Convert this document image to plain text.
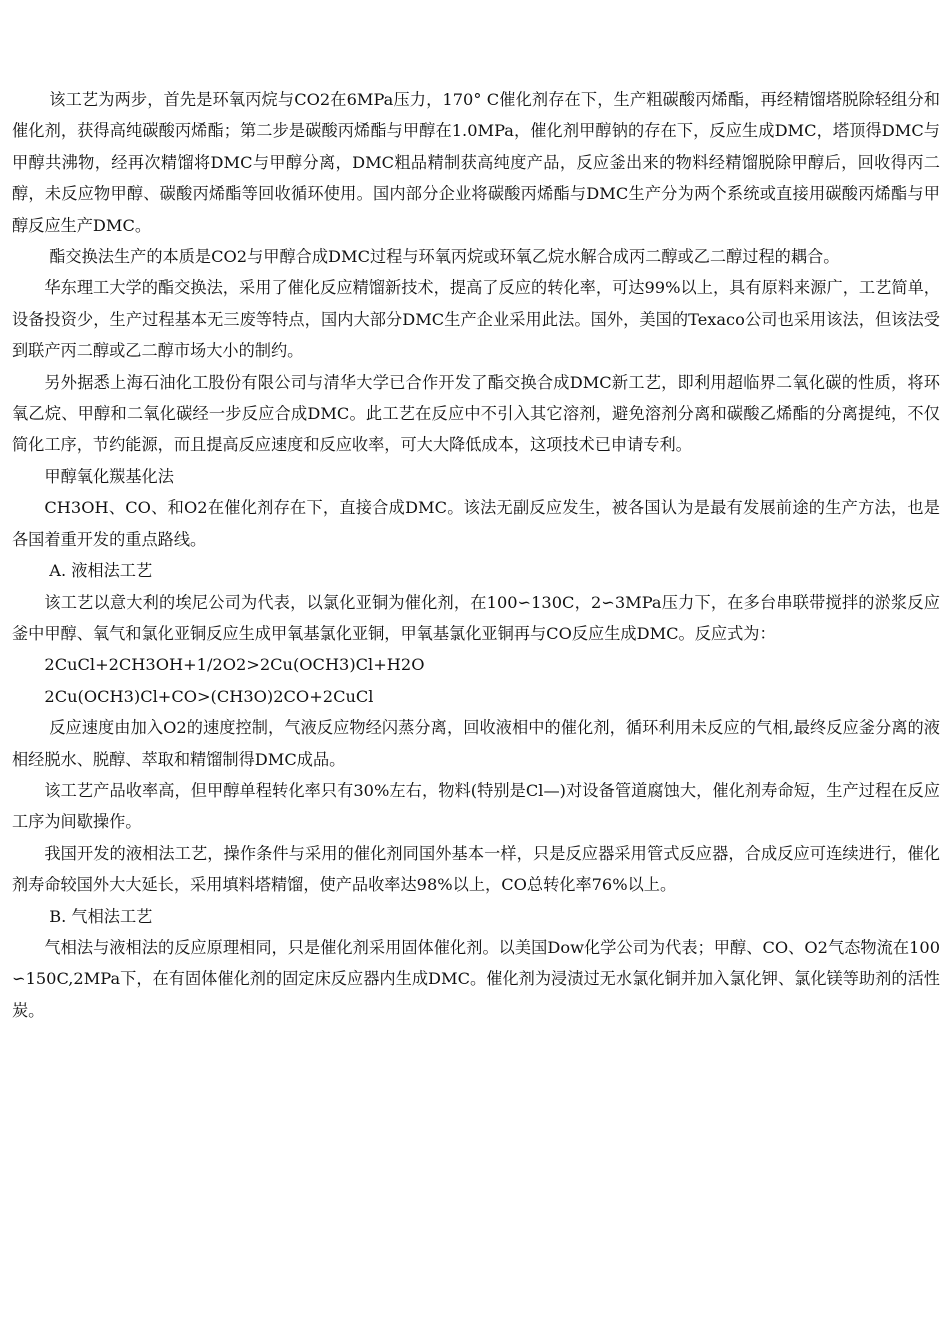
该工艺为两步，首先是环氧丙烷与CO2在6MPa压力，170° C催化剂存在下，生产粗碳酸丙烯酯，再经精馏塔脱除轻组分和催化剂，获得高纯碳酸丙烯酯；第二步是碳酸丙烯酯与甲醇在1.0MPa，催化剂甲醇钠的存在下，反应生成DMC，塔顶得DMC与甲醇共沸物，经再次精馏将DMC与甲醇分离，DMC粗品精制获高纯度产品，反应釜出来的物料经精馏脱除甲醇后，回收得丙二醇，未反应物甲醇、碳酸丙烯酯等回收循环使用。国内部分企业将碳酸丙烯酯与DMC生产分为两个系统或直接用碳酸丙烯酯与甲醇反应生产DMC。

酯交换法生产的本质是CO2与甲醇合成DMC过程与环氧丙烷或环氧乙烷水解合成丙二醇或乙二醇过程的耦合。

华东理工大学的酯交换法，采用了催化反应精馏新技术，提高了反应的转化率，可达99%以上，具有原料来源广，工艺简单，设备投资少，生产过程基本无三废等特点，国内大部分DMC生产企业采用此法。国外，美国的Texaco公司也采用该法，但该法受到联产丙二醇或乙二醇市场大小的制约。

另外据悉上海石油化工股份有限公司与清华大学已合作开发了酯交换合成DMC新工艺，即利用超临界二氧化碳的性质，将环氧乙烷、甲醇和二氧化碳经一步反应合成DMC。此工艺在反应中不引入其它溶剂，避免溶剂分离和碳酸乙烯酯的分离提纯，不仅简化工序，节约能源，而且提高反应速度和反应收率，可大大降低成本，这项技术已申请专利。

甲醇氧化羰基化法

CH3OH、CO、和O2在催化剂存在下，直接合成DMC。该法无副反应发生，被各国认为是最有发展前途的生产方法，也是各国着重开发的重点路线。

A. 液相法工艺

该工艺以意大利的埃尼公司为代表，以氯化亚铜为催化剂，在100∽130C，2∽3MPa压力下，在多台串联带搅拌的淤浆反应釜中甲醇、氧气和氯化亚铜反应生成甲氧基氯化亚铜，甲氧基氯化亚铜再与CO反应生成DMC。反应式为：

2CuCl+2CH3OH+1/2O2>2Cu(OCH3)Cl+H2O

2Cu(OCH3)Cl+CO>(CH3O)2CO+2CuCl

反应速度由加入O2的速度控制，气液反应物经闪蒸分离，回收液相中的催化剂，循环利用未反应的气相,最终反应釜分离的液相经脱水、脱醇、萃取和精馏制得DMC成品。

该工艺产品收率高，但甲醇单程转化率只有30%左右，物料(特别是Cl—)对设备管道腐蚀大，催化剂寿命短，生产过程在反应工序为间歇操作。

我国开发的液相法工艺，操作条件与采用的催化剂同国外基本一样，只是反应器采用管式反应器，合成反应可连续进行，催化剂寿命较国外大大延长，采用填料塔精馏，使产品收率达98%以上，CO总转化率76%以上。

B. 气相法工艺

气相法与液相法的反应原理相同，只是催化剂采用固体催化剂。以美国Dow化学公司为代表；甲醇、CO、O2气态物流在100∽150C,2MPa下，在有固体催化剂的固定床反应器内生成DMC。催化剂为浸渍过无水氯化铜并加入氯化钾、氯化镁等助剂的活性炭。
